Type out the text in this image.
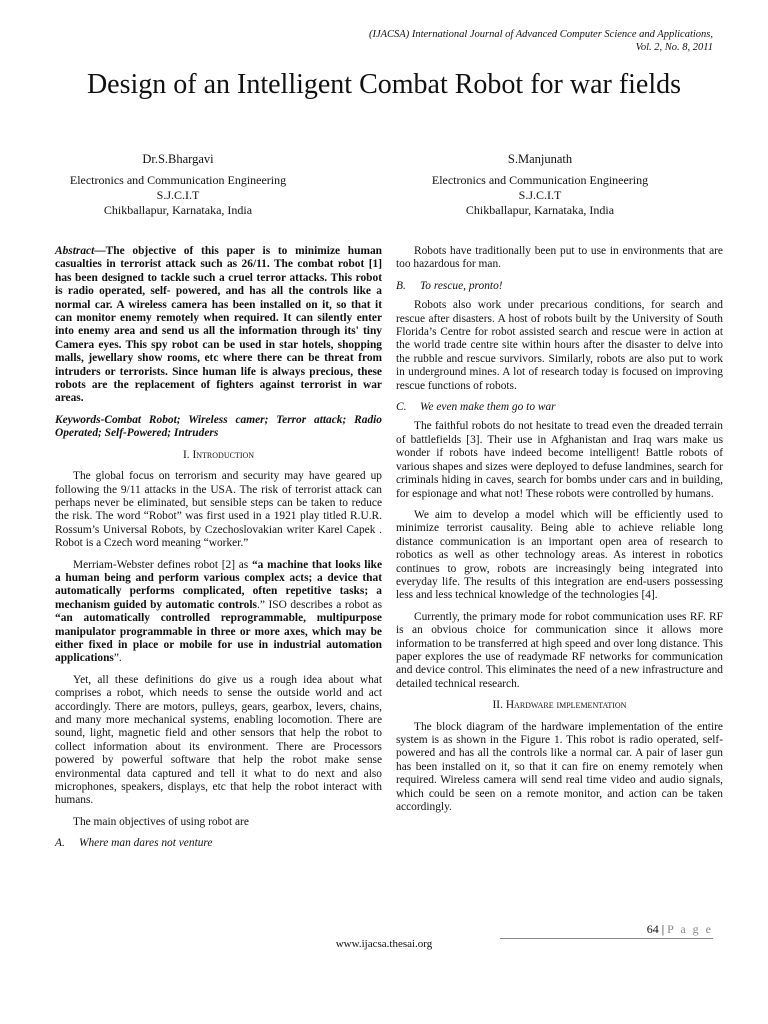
(IJACSA) International Journal of Advanced Computer Science and Applications,
Vol. 2, No. 8, 2011
Design of an Intelligent Combat Robot for war fields
Dr.S.Bhargavi
Electronics and Communication Engineering
S.J.C.I.T
Chikballapur, Karnataka, India
S.Manjunath
Electronics and Communication Engineering
S.J.C.I.T
Chikballapur, Karnataka, India

Abstract—The objective of this paper is to minimize human casualties in terrorist attack such as 26/11. The combat robot [1] has been designed to tackle such a cruel terror attacks. This robot is radio operated, self- powered, and has all the controls like a normal car. A wireless camera has been installed on it, so that it can monitor enemy remotely when required. It can silently enter into enemy area and send us all the information through its' tiny Camera eyes. This spy robot can be used in star hotels, shopping malls, jewellary show rooms, etc where there can be threat from intruders or terrorists. Since human life is always precious, these robots are the replacement of fighters against terrorist in war areas.

Keywords-Combat Robot; Wireless camer; Terror attack; Radio Operated; Self-Powered; Intruders

I. Introduction

The global focus on terrorism and security may have geared up following the 9/11 attacks in the USA. The risk of terrorist attack can perhaps never be eliminated, but sensible steps can be taken to reduce the risk. The word “Robot” was first used in a 1921 play titled R.U.R. Rossum’s Universal Robots, by Czechoslovakian writer Karel Capek . Robot is a Czech word meaning “worker.”

Merriam-Webster defines robot [2] as “a machine that looks like a human being and perform various complex acts; a device that automatically performs complicated, often repetitive tasks; a mechanism guided by automatic controls.” ISO describes a robot as “an automatically controlled reprogrammable, multipurpose manipulator programmable in three or more axes, which may be either fixed in place or mobile for use in industrial automation applications”.

Yet, all these definitions do give us a rough idea about what comprises a robot, which needs to sense the outside world and act accordingly. There are motors, pulleys, gears, gearbox, levers, chains, and many more mechanical systems, enabling locomotion. There are sound, light, magnetic field and other sensors that help the robot to collect information about its environment. There are Processors powered by powerful software that help the robot make sense environmental data captured and tell it what to do next and also microphones, speakers, displays, etc that help the robot interact with humans.

The main objectives of using robot are

A. Where man dares not venture

Robots have traditionally been put to use in environments that are too hazardous for man.

B. To rescue, pronto!

Robots also work under precarious conditions, for search and rescue after disasters. A host of robots built by the University of South Florida’s Centre for robot assisted search and rescue were in action at the world trade centre site within hours after the disaster to delve into the rubble and rescue survivors. Similarly, robots are also put to work in underground mines. A lot of research today is focused on improving rescue functions of robots.

C. We even make them go to war

The faithful robots do not hesitate to tread even the dreaded terrain of battlefields [3]. Their use in Afghanistan and Iraq wars make us wonder if robots have indeed become intelligent! Battle robots of various shapes and sizes were deployed to defuse landmines, search for criminals hiding in caves, search for bombs under cars and in building, for espionage and what not! These robots were controlled by humans.

We aim to develop a model which will be efficiently used to minimize terrorist causality. Being able to achieve reliable long distance communication is an important open area of research to robotics as well as other technology areas. As interest in robotics continues to grow, robots are increasingly being integrated into everyday life. The results of this integration are end-users possessing less and less technical knowledge of the technologies [4].

Currently, the primary mode for robot communication uses RF. RF is an obvious choice for communication since it allows more information to be transferred at high speed and over long distance. This paper explores the use of readymade RF networks for communication and device control. This eliminates the need of a new infrastructure and detailed technical research.

II. Hardware implementation

The block diagram of the hardware implementation of the entire system is as shown in the Figure 1. This robot is radio operated, self-powered and has all the controls like a normal car. A pair of laser gun has been installed on it, so that it can fire on enemy remotely when required. Wireless camera will send real time video and audio signals, which could be seen on a remote monitor, and action can be taken accordingly.

64 | P a g e
www.ijacsa.thesai.org
